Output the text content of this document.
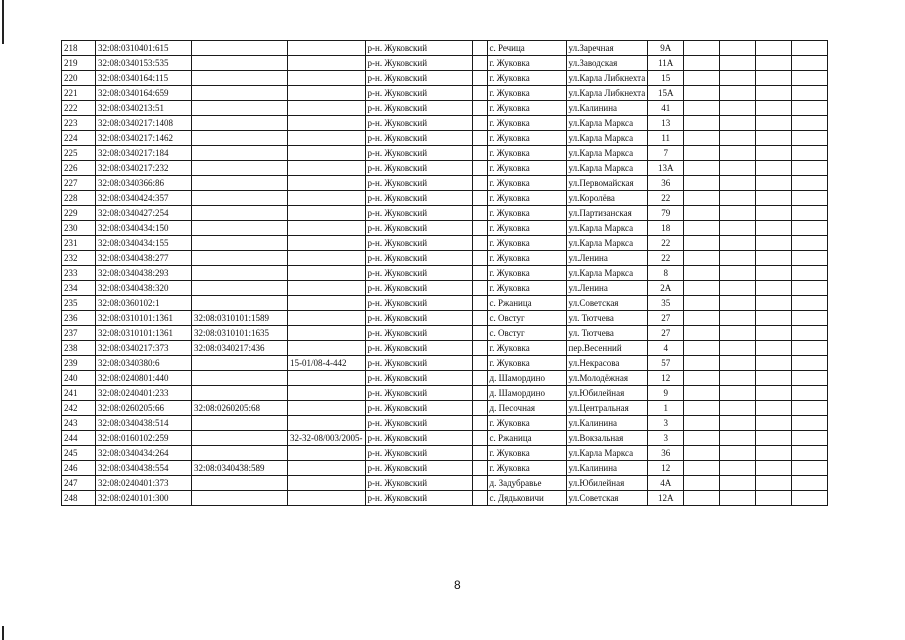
218	32:08:0310401:615			р-н. Жуковский		с. Речица	ул.Заречная	9А				
219	32:08:0340153:535			р-н. Жуковский		г. Жуковка	ул.Заводская	11А				
220	32:08:0340164:115			р-н. Жуковский		г. Жуковка	ул.Карла Либкнехта	15				
221	32:08:0340164:659			р-н. Жуковский		г. Жуковка	ул.Карла Либкнехта	15А				
222	32:08:0340213:51			р-н. Жуковский		г. Жуковка	ул.Калинина	41				
223	32:08:0340217:1408			р-н. Жуковский		г. Жуковка	ул.Карла Маркса	13				
224	32:08:0340217:1462			р-н. Жуковский		г. Жуковка	ул.Карла Маркса	11				
225	32:08:0340217:184			р-н. Жуковский		г. Жуковка	ул.Карла Маркса	7				
226	32:08:0340217:232			р-н. Жуковский		г. Жуковка	ул.Карла Маркса	13А				
227	32:08:0340366:86			р-н. Жуковский		г. Жуковка	ул.Первомайская	36				
228	32:08:0340424:357			р-н. Жуковский		г. Жуковка	ул.Королёва	22				
229	32:08:0340427:254			р-н. Жуковский		г. Жуковка	ул.Партизанская	79				
230	32:08:0340434:150			р-н. Жуковский		г. Жуковка	ул.Карла Маркса	18				
231	32:08:0340434:155			р-н. Жуковский		г. Жуковка	ул.Карла Маркса	22				
232	32:08:0340438:277			р-н. Жуковский		г. Жуковка	ул.Ленина	22				
233	32:08:0340438:293			р-н. Жуковский		г. Жуковка	ул.Карла Маркса	8				
234	32:08:0340438:320			р-н. Жуковский		г. Жуковка	ул.Ленина	2А				
235	32:08:0360102:1			р-н. Жуковский		с. Ржаница	ул.Советская	35				
236	32:08:0310101:1361	32:08:0310101:1589		р-н. Жуковский		с. Овстуг	ул. Тютчева	27				
237	32:08:0310101:1361	32:08:0310101:1635		р-н. Жуковский		с. Овстуг	ул. Тютчева	27				
238	32:08:0340217:373	32:08:0340217:436		р-н. Жуковский		г. Жуковка	пер.Весенний	4				
239	32:08:0340380:6		15-01/08-4-442	р-н. Жуковский		г. Жуковка	ул.Некрасова	57				
240	32:08:0240801:440			р-н. Жуковский		д. Шамордино	ул.Молодёжная	12				
241	32:08:0240401:233			р-н. Жуковский		д. Шамордино	ул.Юбилейная	9				
242	32:08:0260205:66	32:08:0260205:68		р-н. Жуковский		д. Песочная	ул.Центральная	1				
243	32:08:0340438:514			р-н. Жуковский		г. Жуковка	ул.Калинина	3				
244	32:08:0160102:259		32-32-08/003/2005-	р-н. Жуковский		с. Ржаница	ул.Вокзальная	3				
245	32:08:0340434:264			р-н. Жуковский		г. Жуковка	ул.Карла Маркса	36				
246	32:08:0340438:554	32:08:0340438:589		р-н. Жуковский		г. Жуковка	ул.Калинина	12				
247	32:08:0240401:373			р-н. Жуковский		д. Задубравье	ул.Юбилейная	4А				
248	32:08:0240101:300			р-н. Жуковский		с. Дядьковичи	ул.Советская	12А				
8
